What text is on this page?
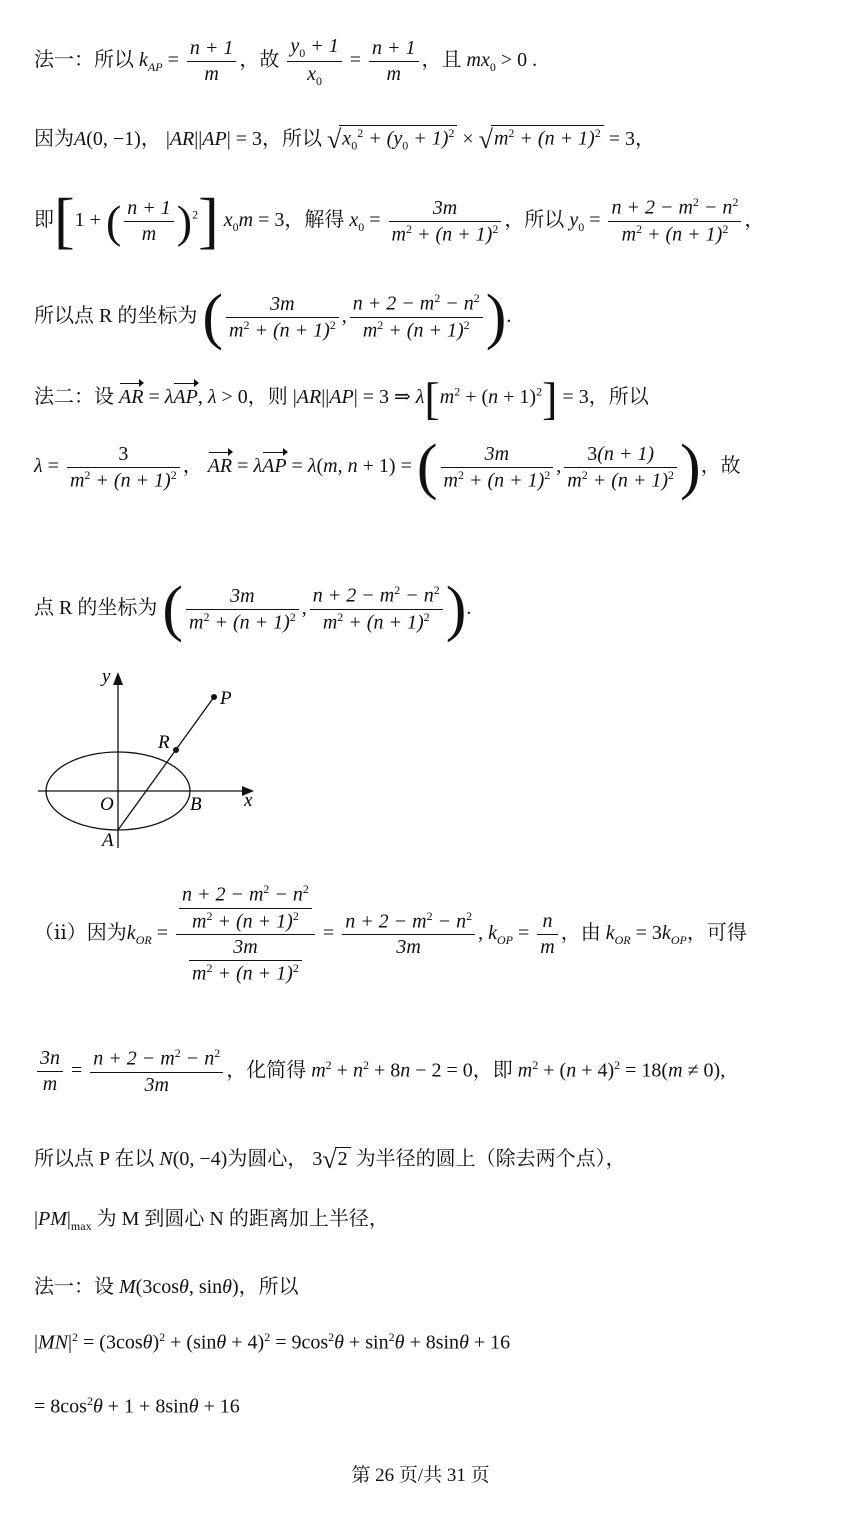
法一：所以 $k_{AP} = \frac{n + 1}{m}$ ，故 $\frac{y_0 + 1}{x_0} = \frac{n + 1}{m}$ ，且 $mx_0 > 0$ .
因为A(0, −1)， |AR||AP| = 3，所以 $√x_0^2 + (y_0 + 1)^2 \times √m^2 + (n + 1)^2 = 3$，
即[1 + ( $\frac{n + 1}{m} )^2$] $x_0m = 3$，解得 $x_0 = \frac{3m}{m^2 + (n + 1)^2}$ ，所以 $y_0 = \frac{n + 2 - m^2 - n^2}{m^2 + (n + 1)^2}$ ，
所以点 R 的坐标为 ( $\frac{3m}{m^2 + (n + 1)^2}$ , $\frac{n + 2 - m^2 - n^2}{m^2 + (n + 1)^2}$ ).
法二：设 AR = λAP, λ > 0，则 |AR||AP| = 3 ⇒ $\lambda[m^2 + (n + 1)^2] = 3$，所以
$\lambda = \frac{3}{m^2 + (n + 1)^2}$ ， AR = λAP = λ(m, n + 1) = ( $\frac{3m}{m^2 + (n + 1)^2}$ , $\frac{3(n + 1)}{m^2 + (n + 1)^2}$ )，故
点 R 的坐标为 ( $\frac{3m}{m^2 + (n + 1)^2}$ , $\frac{n + 2 - m^2 - n^2}{m^2 + (n + 1)^2}$ ).
y
x
O
A
B
R
P
（ⅱ）因为$k_{OR} = \frac{\frac{n + 2 - m^2 - n^2}{m^2 + (n + 1)^2}}{\frac{3m}{m^2 + (n + 1)^2}} = \frac{n + 2 - m^2 - n^2}{3m}$ , $k_{OP} = \frac{n}{m}$ ，由 $k_{OR} = 3k_{OP}$，可得
$\frac{3n}{m} = \frac{n + 2 - m^2 - n^2}{3m}$ ，化简得 $m^2 + n^2 + 8n - 2 = 0$，即 $m^2 + (n + 4)^2 = 18(m \ne 0)$,
所以点 P 在以 N(0, −4)为圆心， 3√2 为半径的圆上（除去两个点），
$|PM|_{max}$ 为 M 到圆心 N 的距离加上半径，
法一：设 M(3cosθ, sinθ)，所以
$|MN|^2 = (3\cos\theta)^2 + (\sin\theta + 4)^2 = 9\cos^2\theta + \sin^2\theta + 8\sin\theta + 16$
= $8\cos^2\theta + 1 + 8\sin\theta + 16$
第 26 页/共 31 页
